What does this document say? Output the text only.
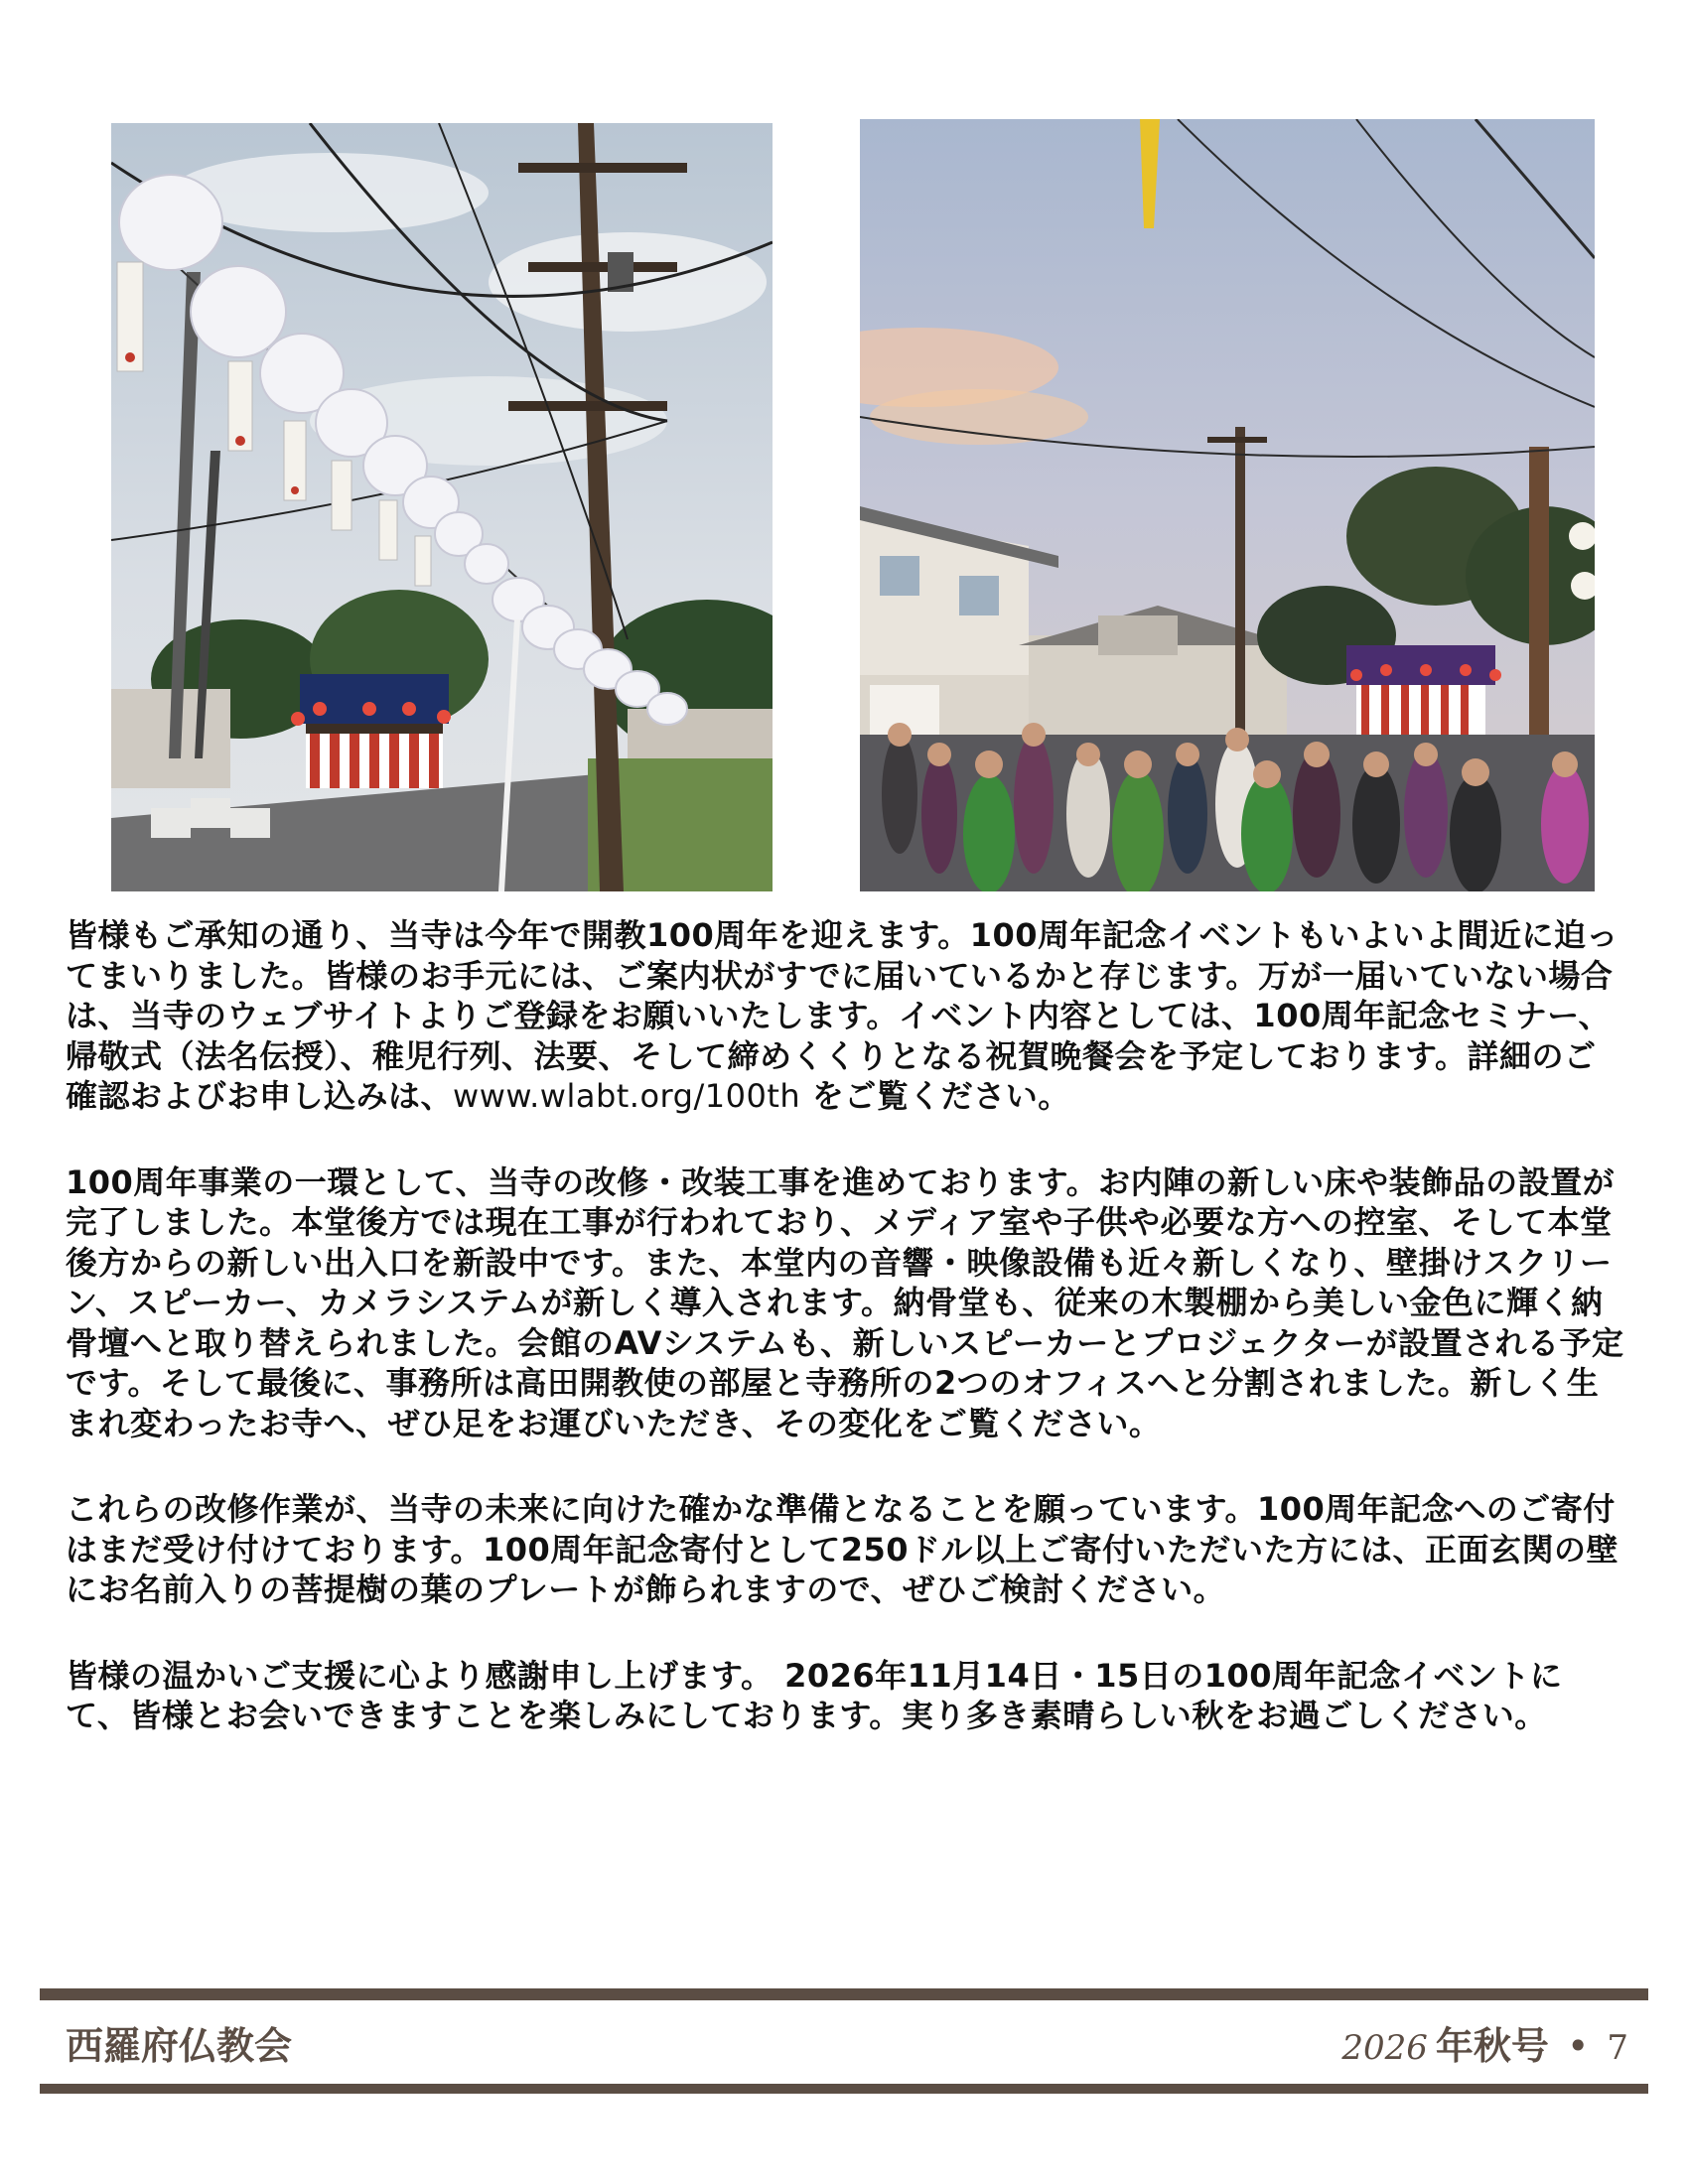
皆様もご承知の通り、当寺は今年で開教100周年を迎えます。100周年記念イベントもいよいよ間近に迫ってまいりました。皆様のお手元には、ご案内状がすでに届いているかと存じます。万が一届いていない場合は、当寺のウェブサイトよりご登録をお願いいたします。イベント内容としては、100周年記念セミナー、帰敬式（法名伝授）、稚児行列、法要、そして締めくくりとなる祝賀晩餐会を予定しております。詳細のご確認およびお申し込みは、www.wlabt.org/100th をご覧ください。

100周年事業の一環として、当寺の改修・改装工事を進めております。お内陣の新しい床や装飾品の設置が完了しました。本堂後方では現在工事が行われており、メディア室や子供や必要な方への控室、そして本堂後方からの新しい出入口を新設中です。また、本堂内の音響・映像設備も近々新しくなり、壁掛けスクリーン、スピーカー、カメラシステムが新しく導入されます。納骨堂も、従来の木製棚から美しい金色に輝く納骨壇へと取り替えられました。会館のAVシステムも、新しいスピーカーとプロジェクターが設置される予定です。そして最後に、事務所は高田開教使の部屋と寺務所の2つのオフィスへと分割されました。新しく生まれ変わったお寺へ、ぜひ足をお運びいただき、その変化をご覧ください。

これらの改修作業が、当寺の未来に向けた確かな準備となることを願っています。100周年記念へのご寄付はまだ受け付けております。100周年記念寄付として250ドル以上ご寄付いただいた方には、正面玄関の壁にお名前入りの菩提樹の葉のプレートが飾られますので、ぜひご検討ください。

皆様の温かいご支援に心より感謝申し上げます。 2026年11月14日・15日の100周年記念イベントにて、皆様とお会いできますことを楽しみにしております。実り多き素晴らしい秋をお過ごしください。

西羅府仏教会	2026 年秋号 • 7
